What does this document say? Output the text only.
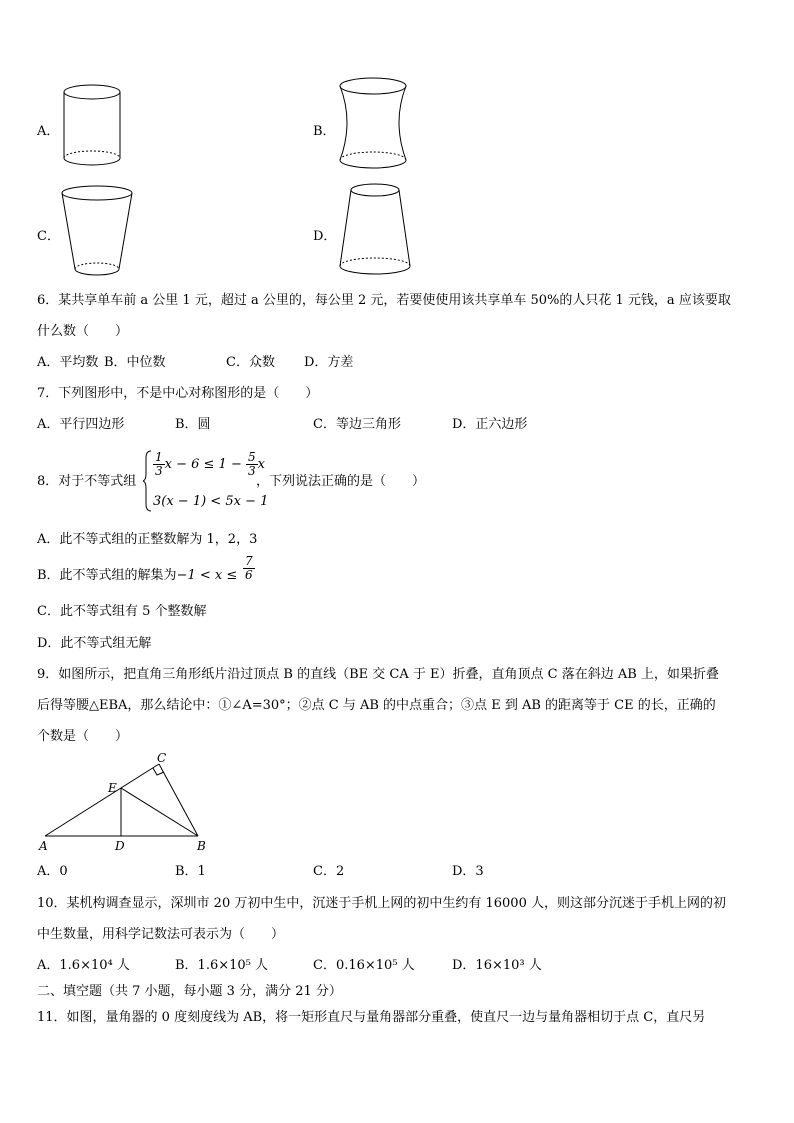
A．	B．
C．	D．
6．某共享单车前 a 公里 1 元，超过 a 公里的，每公里 2 元，若要使使用该共享单车 50%的人只花 1 元钱，a 应该要取
什么数（　　）
A．平均数 B．中位数	C．众数 D．方差
7．下列图形中，不是中心对称图形的是（　　）
A．平行四边形	B．圆	C．等边三角形	D．正六边形
8．对于不等式组
$\frac{1}{3}$ $x - 6 \le 1 - \frac{5}{3}$ x
3(x − 1) < 5x − 1
，下列说法正确的是（　　）
A．此不等式组的正整数解为 1，2，3
B．此不等式组的解集为$-1 < x \le \frac{7}{6}$
C．此不等式组有 5 个整数解
D．此不等式组无解
9．如图所示，把直角三角形纸片沿过顶点 B 的直线（BE 交 CA 于 E）折叠，直角顶点 C 落在斜边 AB 上，如果折叠
后得等腰△EBA，那么结论中：①∠A=30°；②点 C 与 AB 的中点重合；③点 E 到 AB 的距离等于 CE 的长，正确的
个数是（　　）
C
E
A	D	B
A．0	B．1	C．2	D．3
10．某机构调查显示，深圳市 20 万初中生中，沉迷于手机上网的初中生约有 16000 人，则这部分沉迷于手机上网的初
中生数量，用科学记数法可表示为（　　）
A．1.6×10⁴ 人	B．1.6×10⁵ 人	C．0.16×10⁵ 人	D．16×10³ 人
二、填空题（共 7 小题，每小题 3 分，满分 21 分）
11．如图，量角器的 0 度刻度线为 AB，将一矩形直尺与量角器部分重叠，使直尺一边与量角器相切于点 C，直尺另
